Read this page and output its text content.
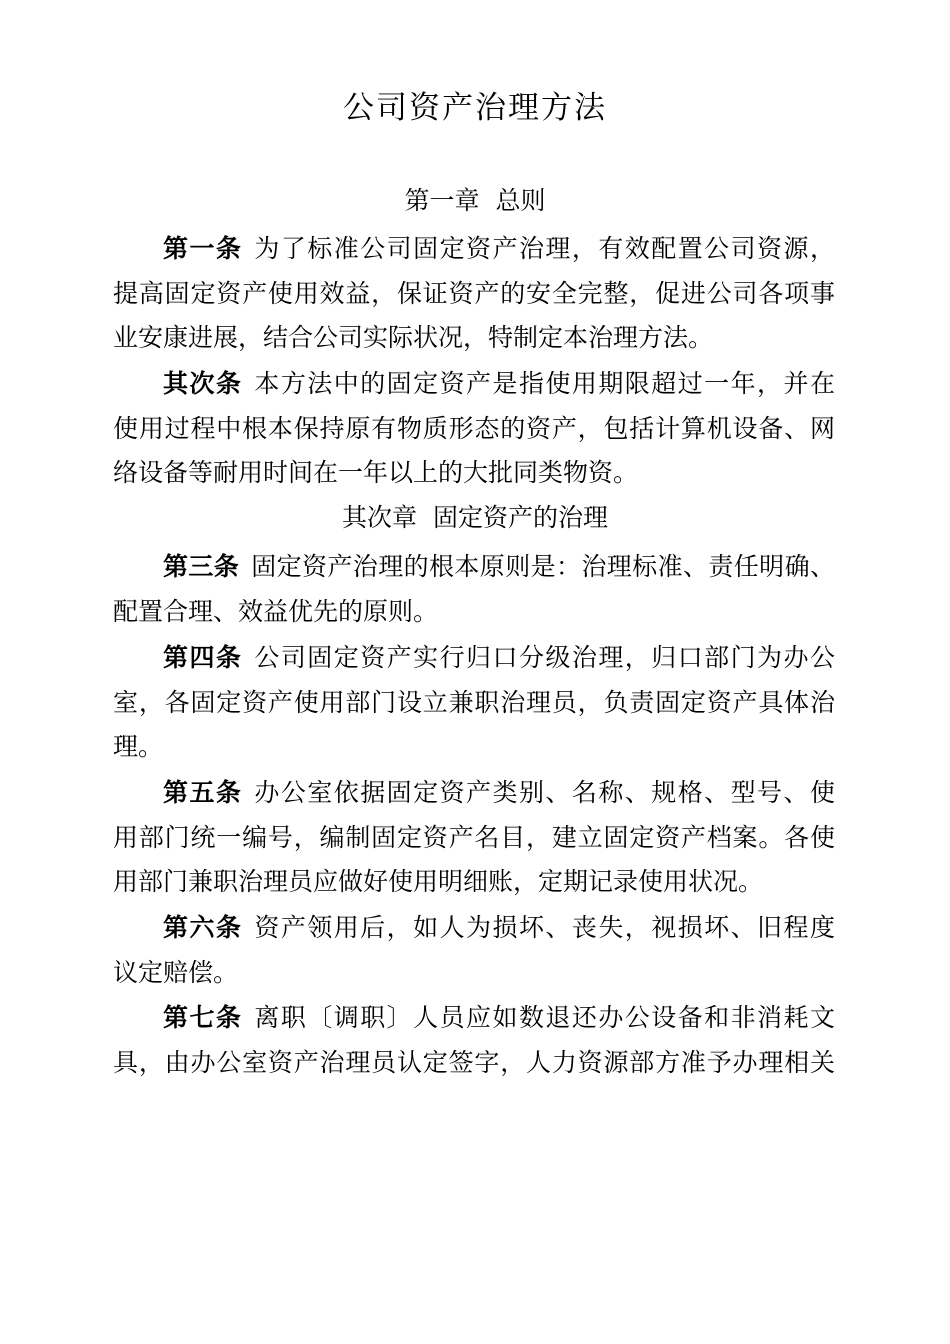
公司资产治理方法
第一章  总则
第一条 为了标准公司固定资产治理，有效配置公司资源，
提高固定资产使用效益，保证资产的安全完整，促进公司各项事
业安康进展，结合公司实际状况，特制定本治理方法。
其次条 本方法中的固定资产是指使用期限超过一年，并在
使用过程中根本保持原有物质形态的资产，包括计算机设备、网
络设备等耐用时间在一年以上的大批同类物资。
其次章  固定资产的治理
第三条 固定资产治理的根本原则是：治理标准、责任明确、
配置合理、效益优先的原则。
第四条 公司固定资产实行归口分级治理，归口部门为办公
室，各固定资产使用部门设立兼职治理员，负责固定资产具体治
理。
第五条 办公室依据固定资产类别、名称、规格、型号、使
用部门统一编号，编制固定资产名目，建立固定资产档案。各使
用部门兼职治理员应做好使用明细账，定期记录使用状况。
第六条 资产领用后，如人为损坏、丧失，视损坏、旧程度
议定赔偿。
第七条 离职〔调职〕人员应如数退还办公设备和非消耗文
具，由办公室资产治理员认定签字，人力资源部方准予办理相关
